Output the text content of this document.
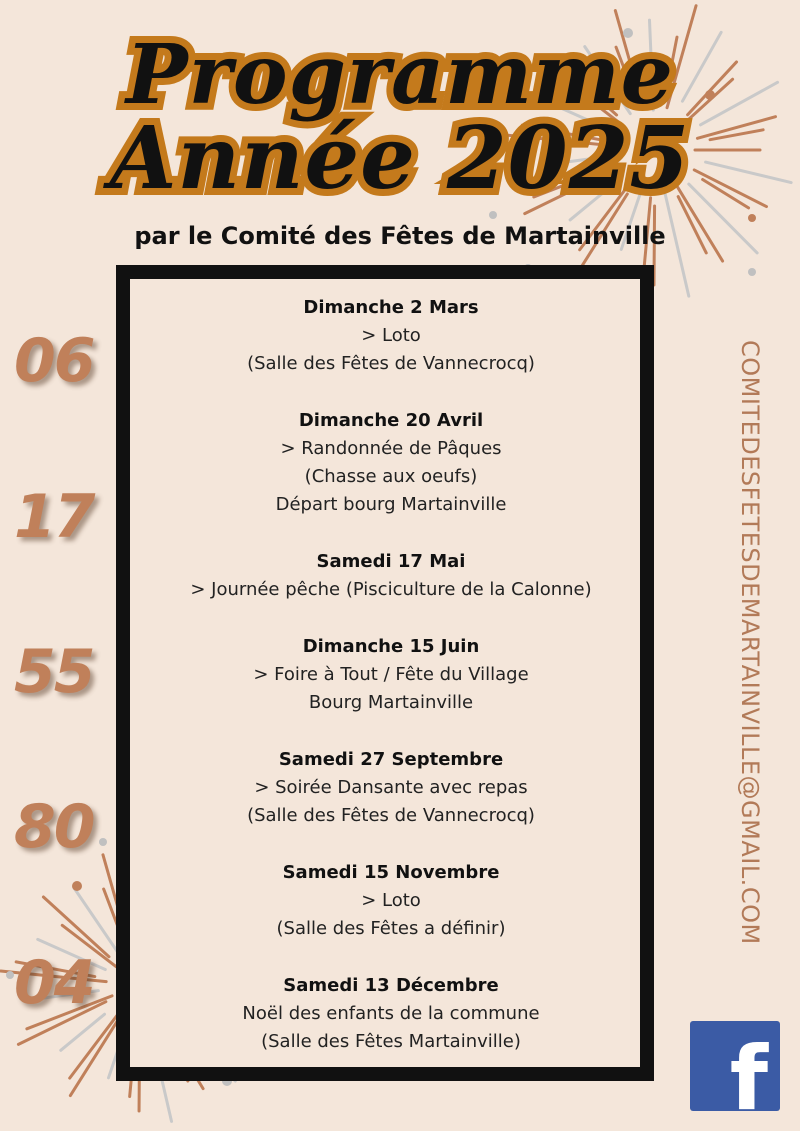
Programme
Année 2025
par le Comité des Fêtes de Martainville
Dimanche 2 Mars
> Loto
(Salle des Fêtes de Vannecrocq)
Dimanche 20 Avril
> Randonnée de Pâques
(Chasse aux oeufs)
Départ bourg Martainville
Samedi 17 Mai
> Journée pêche (Pisciculture de la Calonne)
Dimanche 15 Juin
> Foire à Tout / Fête du Village
Bourg Martainville
Samedi 27 Septembre
> Soirée Dansante avec repas
(Salle des Fêtes de Vannecrocq)
Samedi 15 Novembre
> Loto
(Salle des Fêtes a définir)
Samedi 13 Décembre
Noël des enfants de la commune
(Salle des Fêtes Martainville)
06
17
55
80
04
COMITEDESFETESDEMARTAINVILLE@GMAIL.COM
f
